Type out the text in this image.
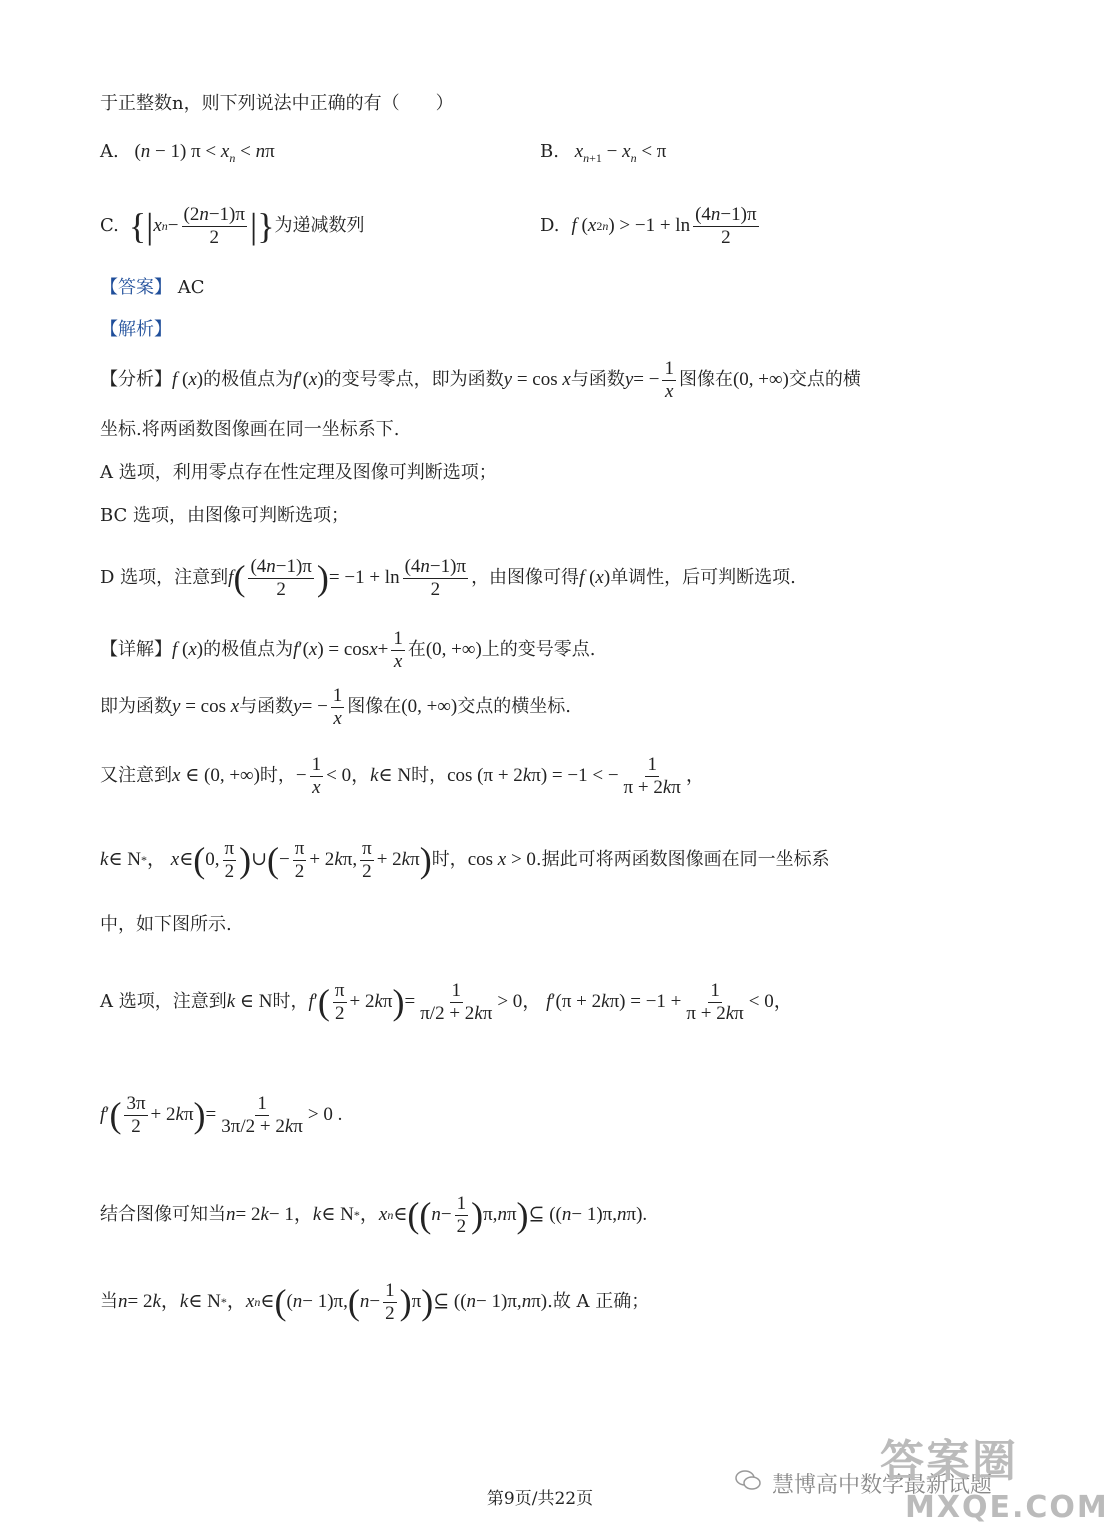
于正整数n，则下列说法中正确的有（　　）
A. (n − 1) $\pi < x_n < n\pi$	B. $x_{n+1} - x_n < \pi$
C. {| x $n - \frac{(2n-1)\pi}{2}$ |} 为递减数列	D. f ( x 2n ) > $-1 + \ln \frac{(4n-1)\pi}{2}$
【答案】 AC
【解析】
【分析】 f (x) 的极值点为 f′(x) 的变号零点，即为函数 y = cos x 与函数 y = − $\frac{1}{x}$ 图像在 (0, +∞) 交点的横
坐标.将两函数图像画在同一坐标系下.
A 选项，利用零点存在性定理及图像可判断选项；
BC 选项，由图像可判断选项；
D 选项，注意到 f ( $\frac{(4n-1)\pi}{2}$ ) = $-1 + \ln \frac{(4n-1)\pi}{2}$ ，由图像可得 f (x) 单调性，后可判断选项.
【详解】 f (x) 的极值点为 f ′( x ) = $\cos x + \frac{1}{x}$ 在 (0, +∞) 上的变号零点.
即为函数 y = cos x 与函数 y = − $\frac{1}{x}$ 图像在 (0, +∞) 交点的横坐标.
又注意到 x ∈ (0, +∞) 时， − $\frac{1}{x} < 0$， k ∈ N 时， cos (π + 2 k π) = −1 < − $\frac{1}{\pi + 2k\pi}$ ，
k ∈ N * ， x ∈ ( 0, $\frac{\pi}{2}$ ) ∪ ( − $\frac{\pi}{2} + 2$ k π, $\frac{\pi}{2} + 2$ k π ) 时， cos x > 0 .据此可将两函数图像画在同一坐标系
中，如下图所示.
A 选项，注意到 k ∈ N 时， f ′ ( $\frac{\pi}{2} + 2$ k π ) = $\frac{1}{\pi/2 + 2k\pi} > 0$， f ′(π + 2 k $\pi) = -1 + \frac{1}{\pi + 2k\pi} < 0$，
f ′ ( $\frac{3\pi}{2} + 2$ k π ) = $\frac{1}{3\pi/2 + 2k\pi} > 0$ .
结合图像可知当 n = 2 k − 1， k ∈ N * ， x n ∈ (( $n - \frac{1}{2}$ ) π, n π ) ⊆ (( n − 1)π, n π).
当 n = 2 k ， k ∈ N * ， x n ∈ ( ( n − 1)π, ( $n - \frac{1}{2}$ ) π ) ⊆ (( n − 1)π, n π) .故 A 正确；
慧博高中数学最新试题
答案圈
MXQE.COM
第9页/共22页
